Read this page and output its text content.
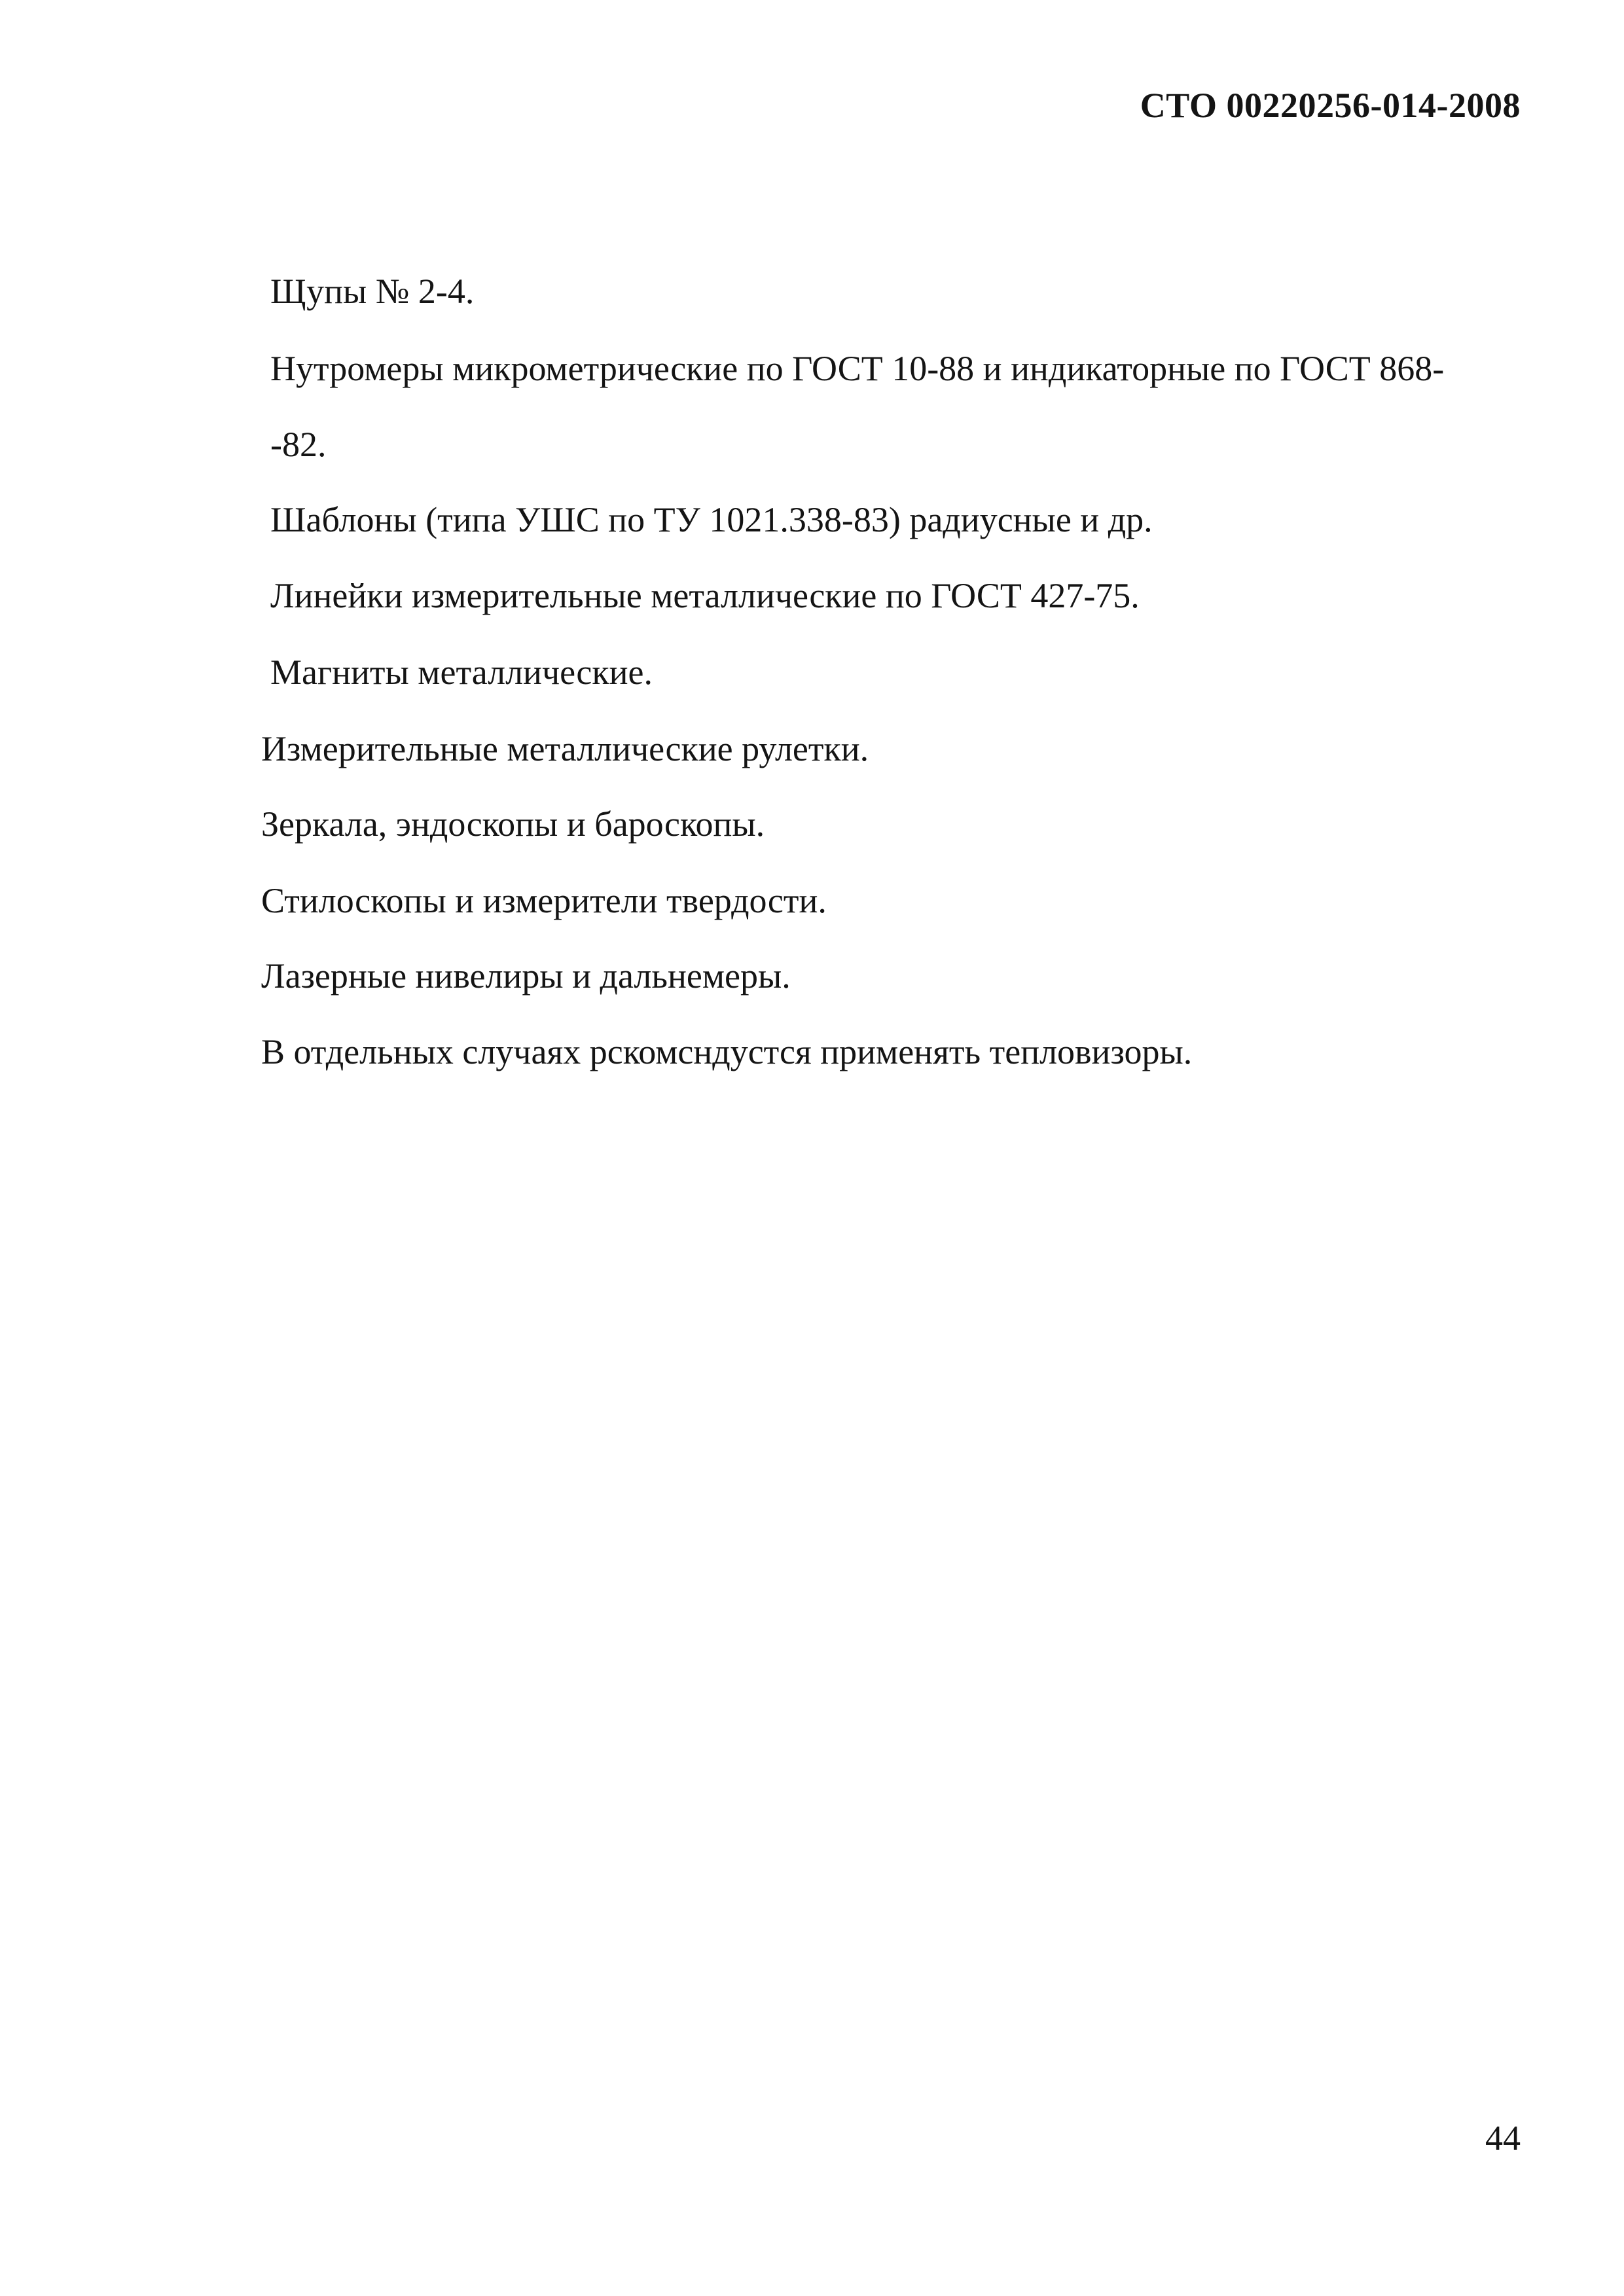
СТО 00220256-014-2008
Щупы № 2-4.
Нутромеры микрометрические по ГОСТ 10-88 и индикаторные по ГОСТ 868-
-82.
Шаблоны (типа УШС по ТУ 1021.338-83) радиусные и др.
Линейки измерительные металлические по ГОСТ 427-75.
Магниты металлические.
Измерительные металлические рулетки.
Зеркала, эндоскопы и бароскопы.
Стилоскопы и измерители твердости.
Лазерные нивелиры и дальнемеры.
В отдельных случаях рскомсндустся применять тепловизоры.
44
